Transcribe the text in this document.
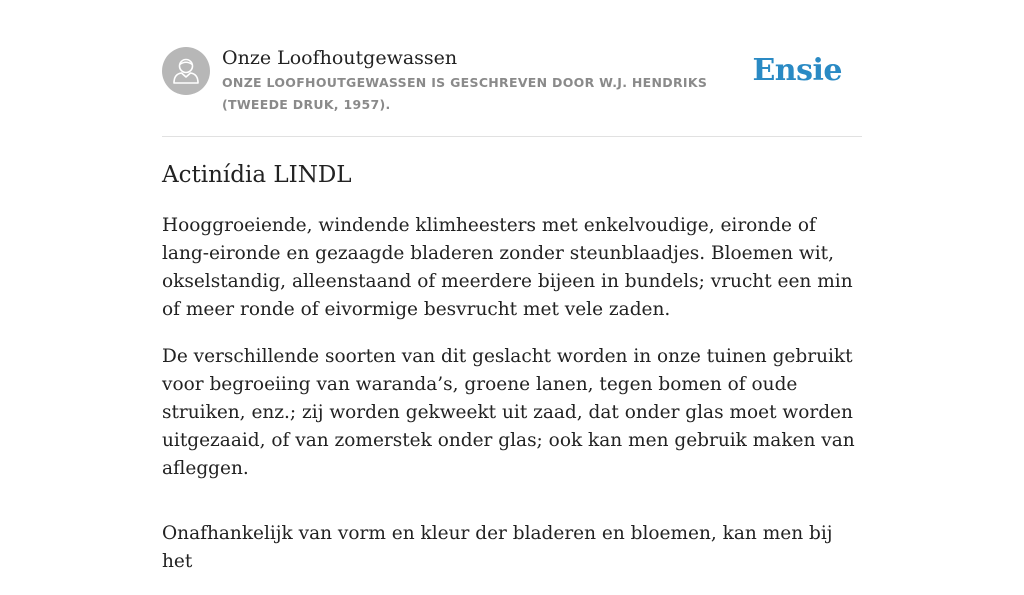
Onze Loofhoutgewassen
ONZE LOOFHOUTGEWASSEN IS GESCHREVEN DOOR W.J. HENDRIKS (TWEEDE DRUK, 1957).
Ensie
Actinídia LINDL

Hooggroeiende, windende klimheesters met enkelvoudige, eironde of lang-eironde en gezaagde bladeren zonder steunblaadjes. Bloemen wit, okselstandig, alleenstaand of meerdere bijeen in bundels; vrucht een min of meer ronde of eivormige besvrucht met vele zaden.

De verschillende soorten van dit geslacht worden in onze tuinen gebruikt voor begroeiing van waranda’s, groene lanen, tegen bomen of oude struiken, enz.; zij worden gekweekt uit zaad, dat onder glas moet worden uitgezaaid, of van zomerstek onder glas; ook kan men gebruik maken van afleggen.

Onafhankelijk van vorm en kleur der bladeren en bloemen, kan men bij het
